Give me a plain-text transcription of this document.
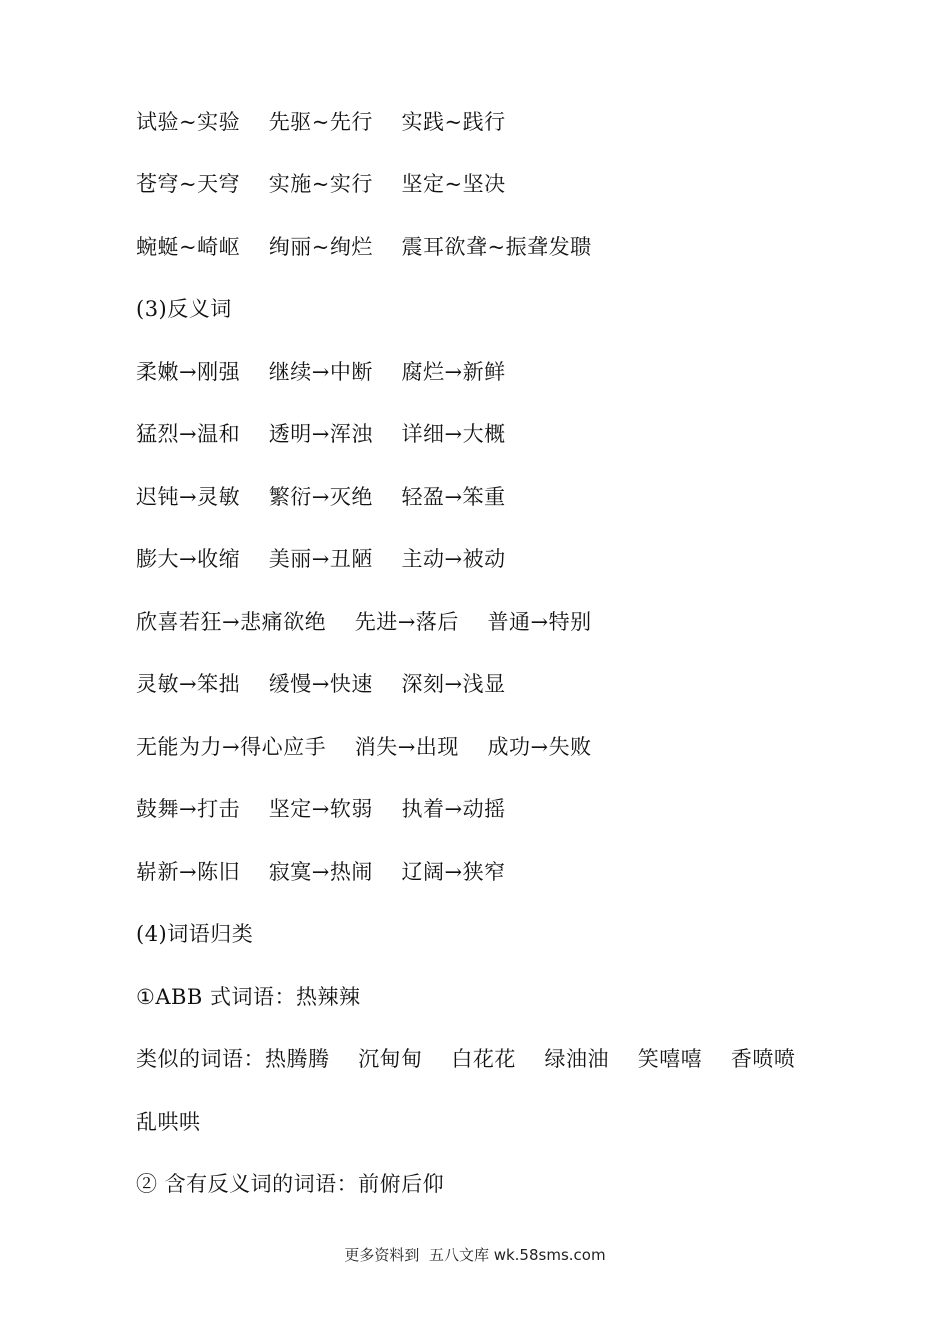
试验~实验　 先驱~先行　 实践~践行
苍穹~天穹　 实施~实行　 坚定~坚决
蜿蜒~崎岖　 绚丽~绚烂　 震耳欲聋~振聋发聩
(3)反义词
柔嫩→刚强　 继续→中断　 腐烂→新鲜
猛烈→温和　 透明→浑浊　 详细→大概
迟钝→灵敏　 繁衍→灭绝　 轻盈→笨重
膨大→收缩　 美丽→丑陋　 主动→被动
欣喜若狂→悲痛欲绝　 先进→落后　 普通→特别
灵敏→笨拙　 缓慢→快速　 深刻→浅显
无能为力→得心应手　 消失→出现　 成功→失败
鼓舞→打击　 坚定→软弱　 执着→动摇
崭新→陈旧　 寂寞→热闹　 辽阔→狭窄
(4)词语归类
①ABB 式词语：热辣辣
类似的词语：热腾腾　 沉甸甸　 白花花　 绿油油　 笑嘻嘻　 香喷喷
乱哄哄
② 含有反义词的词语：前俯后仰
更多资料到  五八文库 wk.58sms.com
